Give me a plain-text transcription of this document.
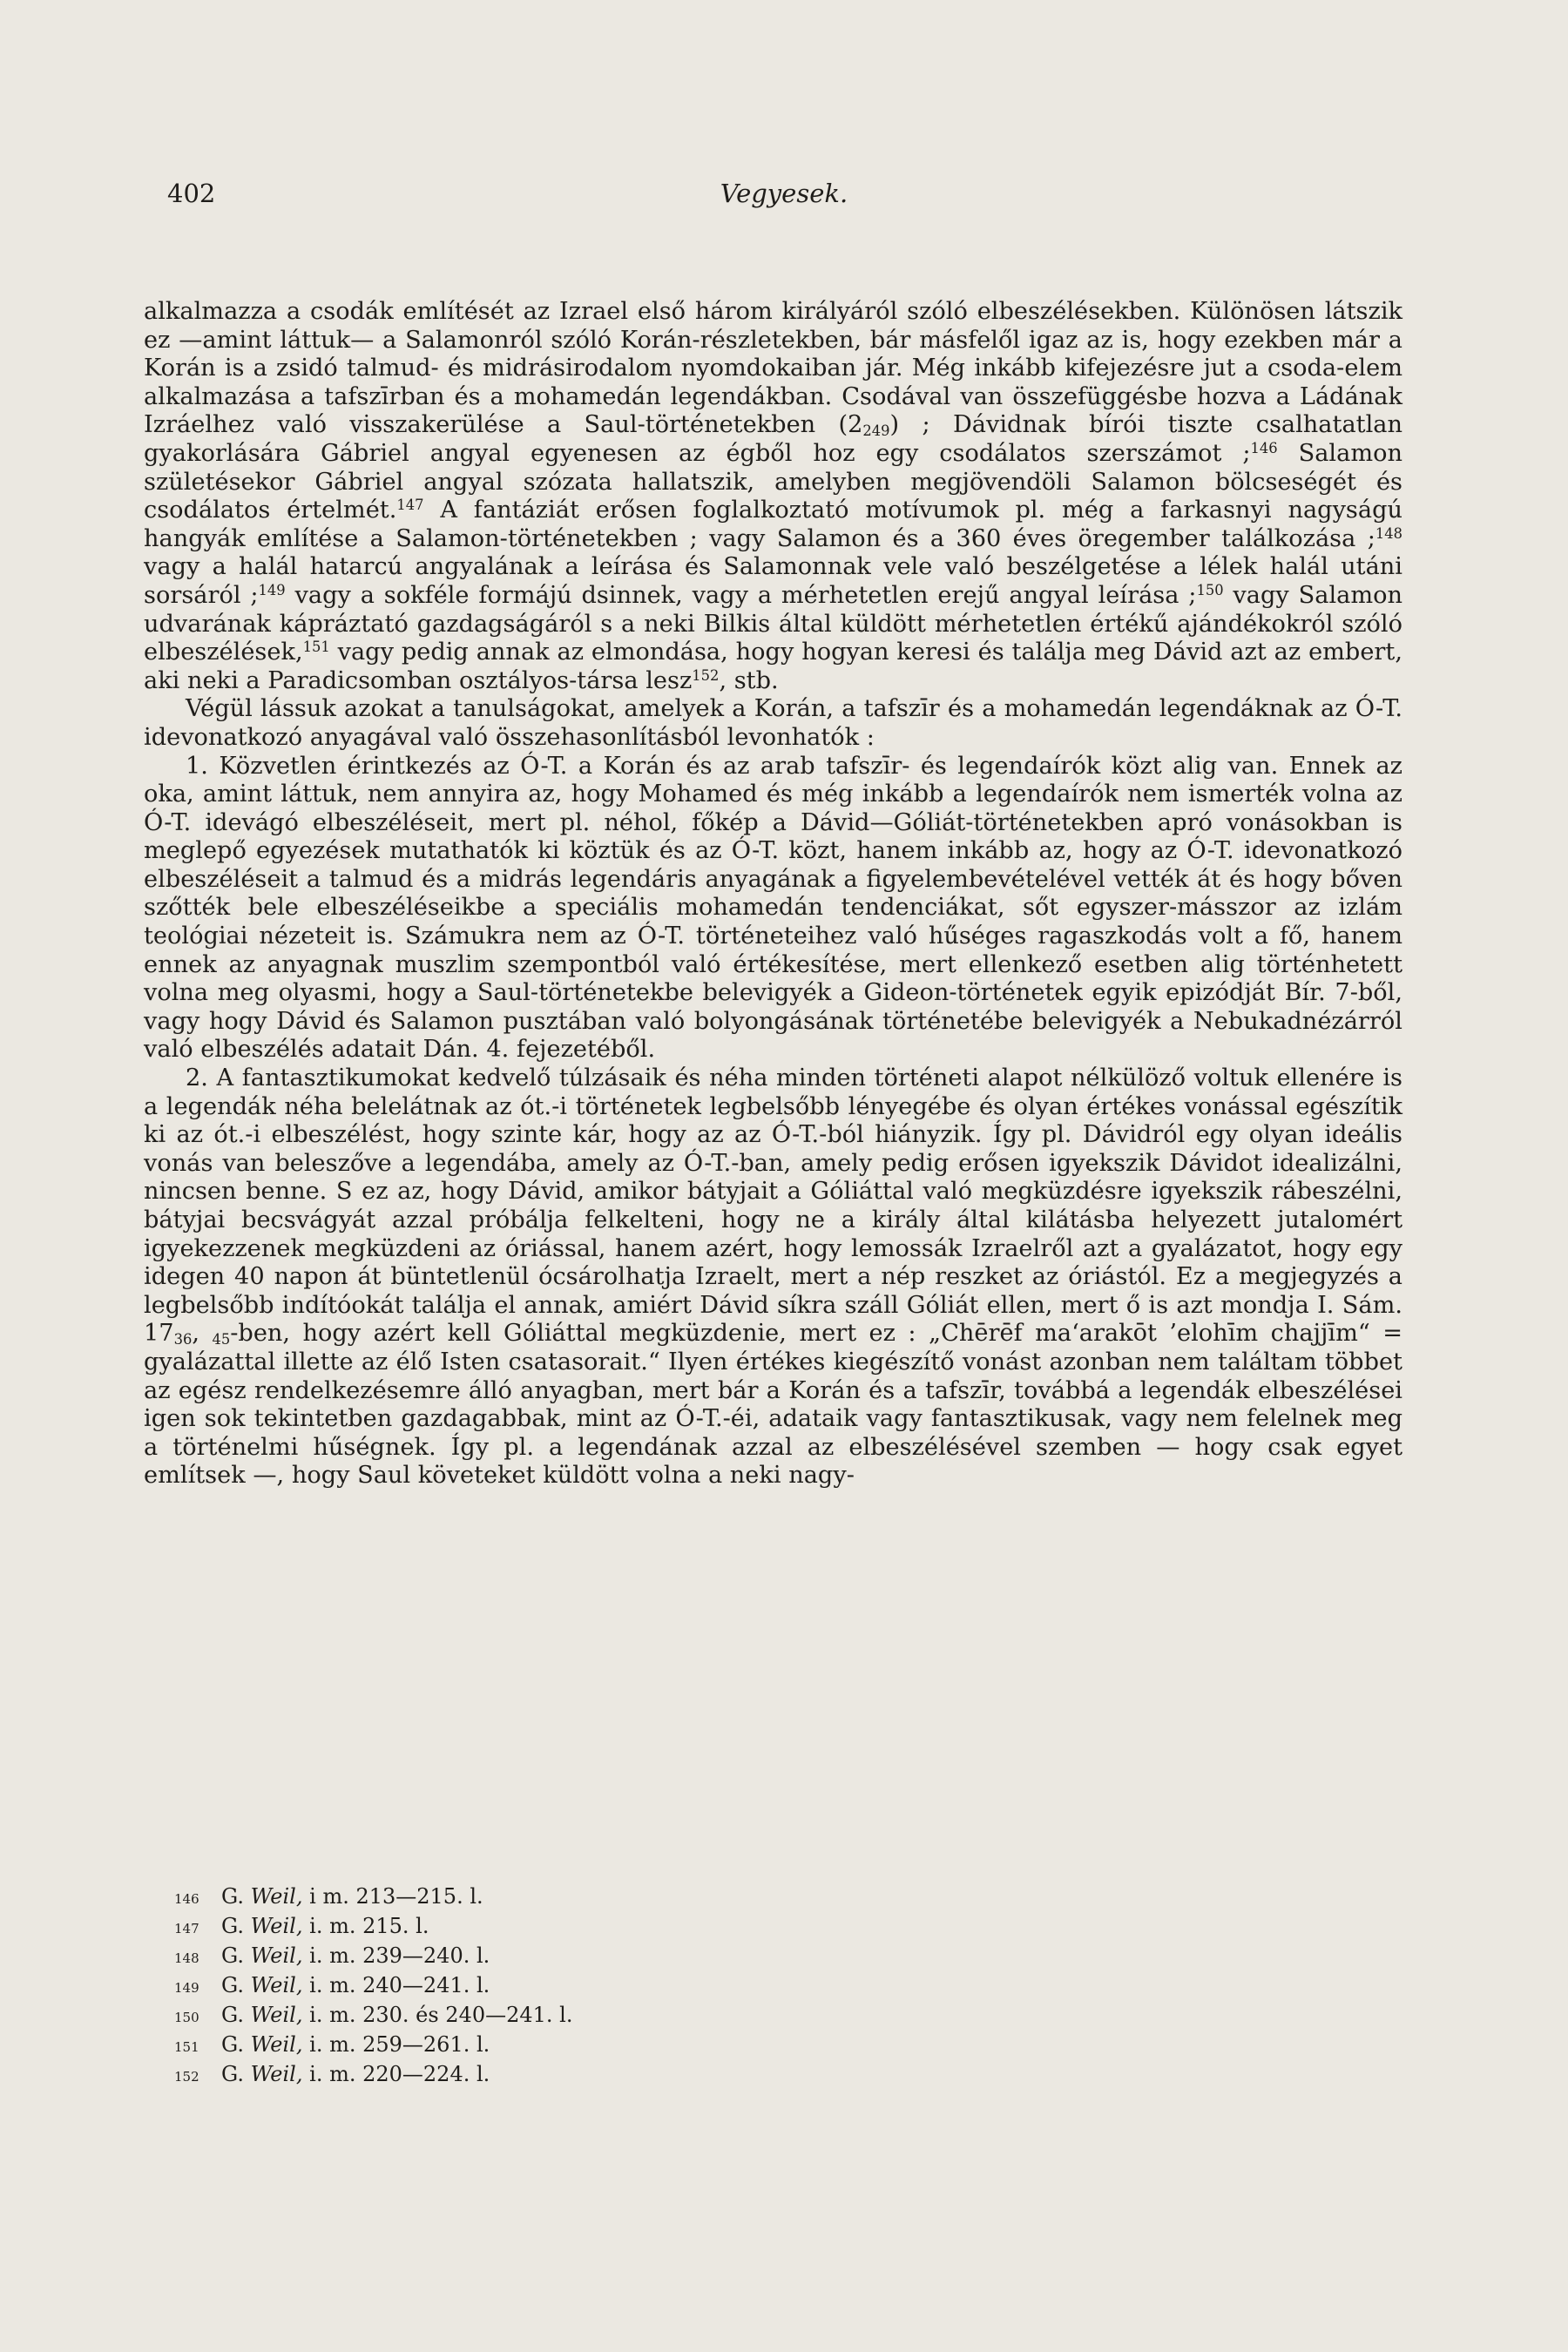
402	Vegyesek.

alkalmazza a csodák említését az Izrael első három királyáról szóló elbeszélésekben. Különösen látszik ez —amint láttuk— a Salamonról szóló Korán-részletekben, bár másfelől igaz az is, hogy ezekben már a Korán is a zsidó talmud- és midrásirodalom nyomdokaiban jár. Még inkább kifejezésre jut a csoda-elem alkalmazása a tafszīrban és a mohamedán legendákban. Csodával van összefüggésbe hozva a Ládának Izráelhez való visszakerülése a Saul-történetekben $(2_{249})$ ; Dávidnak bírói tiszte csalhatatlan gyakorlására Gábriel angyal egyenesen az égből hoz egy csodálatos szerszámot ;$^{146}$ Salamon születésekor Gábriel angyal szózata hallatszik, amelyben megjövendöli Salamon bölcseségét és csodálatos értelmét.$^{147}$ A fantáziát erősen foglalkoztató motívumok pl. még a farkasnyi nagyságú hangyák említése a Salamon-történetekben ; vagy Salamon és a 360 éves öregember találkozása ;$^{148}$ vagy a halál hatarcú angyalának a leírása és Salamonnak vele való beszélgetése a lélek halál utáni sorsáról ;$^{149}$ vagy a sokféle formájú dsinnek, vagy a mérhetetlen erejű angyal leírása ;$^{150}$ vagy Salamon udvarának kápráztató gazdagságáról s a neki Bilkis által küldött mérhetetlen értékű ajándékokról szóló elbeszélések,$^{151}$ vagy pedig annak az elmondása, hogy hogyan keresi és találja meg Dávid azt az embert, aki neki a Paradicsomban osztályos-társa lesz$^{152}$, stb.

Végül lássuk azokat a tanulságokat, amelyek a Korán, a tafszīr és a mohamedán legendáknak az Ó-T. idevonatkozó anyagával való összehasonlításból levonhatók :

1. Közvetlen érintkezés az Ó-T. a Korán és az arab tafszīr- és legendaírók közt alig van. Ennek az oka, amint láttuk, nem annyira az, hogy Mohamed és még inkább a legendaírók nem ismerték volna az Ó-T. idevágó elbeszéléseit, mert pl. néhol, főkép a Dávid—Góliát-történetekben apró vonásokban is meglepő egyezések mutathatók ki köztük és az Ó-T. közt, hanem inkább az, hogy az Ó-T. idevonatkozó elbeszéléseit a talmud és a midrás legendáris anyagának a figyelembevételével vették át és hogy bőven szőtték bele elbeszéléseikbe a speciális mohamedán tendenciákat, sőt egyszer-másszor az izlám teológiai nézeteit is. Számukra nem az Ó-T. történeteihez való hűséges ragaszkodás volt a fő, hanem ennek az anyagnak muszlim szempontból való értékesítése, mert ellenkező esetben alig történhetett volna meg olyasmi, hogy a Saul-történetekbe belevigyék a Gideon-történetek egyik epizódját Bír. 7-ből, vagy hogy Dávid és Salamon pusztában való bolyongásának történetébe belevigyék a Nebukadnézárról való elbeszélés adatait Dán. 4. fejezetéből.

2. A fantasztikumokat kedvelő túlzásaik és néha minden történeti alapot nélkülöző voltuk ellenére is a legendák néha belelátnak az ót.-i történetek legbelsőbb lényegébe és olyan értékes vonással egészítik ki az ót.-i elbeszélést, hogy szinte kár, hogy az az Ó-T.-ból hiányzik. Így pl. Dávidról egy olyan ideális vonás van beleszőve a legendába, amely az Ó-T.-ban, amely pedig erősen igyekszik Dávidot idealizálni, nincsen benne. S ez az, hogy Dávid, amikor bátyjait a Góliáttal való megküzdésre igyekszik rábeszélni, bátyjai becsvágyát azzal próbálja felkelteni, hogy ne a király által kilátásba helyezett jutalomért igyekezzenek megküzdeni az óriással, hanem azért, hogy lemossák Izraelről azt a gyalázatot, hogy egy idegen 40 napon át büntetlenül ócsárolhatja Izraelt, mert a nép reszket az óriástól. Ez a megjegyzés a legbelsőbb indítóokát találja el annak, amiért Dávid síkra száll Góliát ellen, mert ő is azt mondja I. Sám. $17_{36}$, $_{45}$-ben, hogy azért kell Góliáttal megküzdenie, mert ez : „Chērēf ma‘arakōt ’elohīm chajjīm“ = gyalázattal illette az élő Isten csatasorait.“ Ilyen értékes kiegészítő vonást azonban nem találtam többet az egész rendelkezésemre álló anyagban, mert bár a Korán és a tafszīr, továbbá a legendák elbeszélései igen sok tekintetben gazdagabbak, mint az Ó-T.-éi, adataik vagy fantasztikusak, vagy nem felelnek meg a történelmi hűségnek. Így pl. a legendának azzal az elbeszélésével szemben — hogy csak egyet említsek —, hogy Saul követeket küldött volna a neki nagy-

146 G. Weil, i m. 213—215. l.
147 G. Weil, i. m. 215. l.
148 G. Weil, i. m. 239—240. l.
149 G. Weil, i. m. 240—241. l.
150 G. Weil, i. m. 230. és 240—241. l.
151 G. Weil, i. m. 259—261. l.
152 G. Weil, i. m. 220—224. l.
